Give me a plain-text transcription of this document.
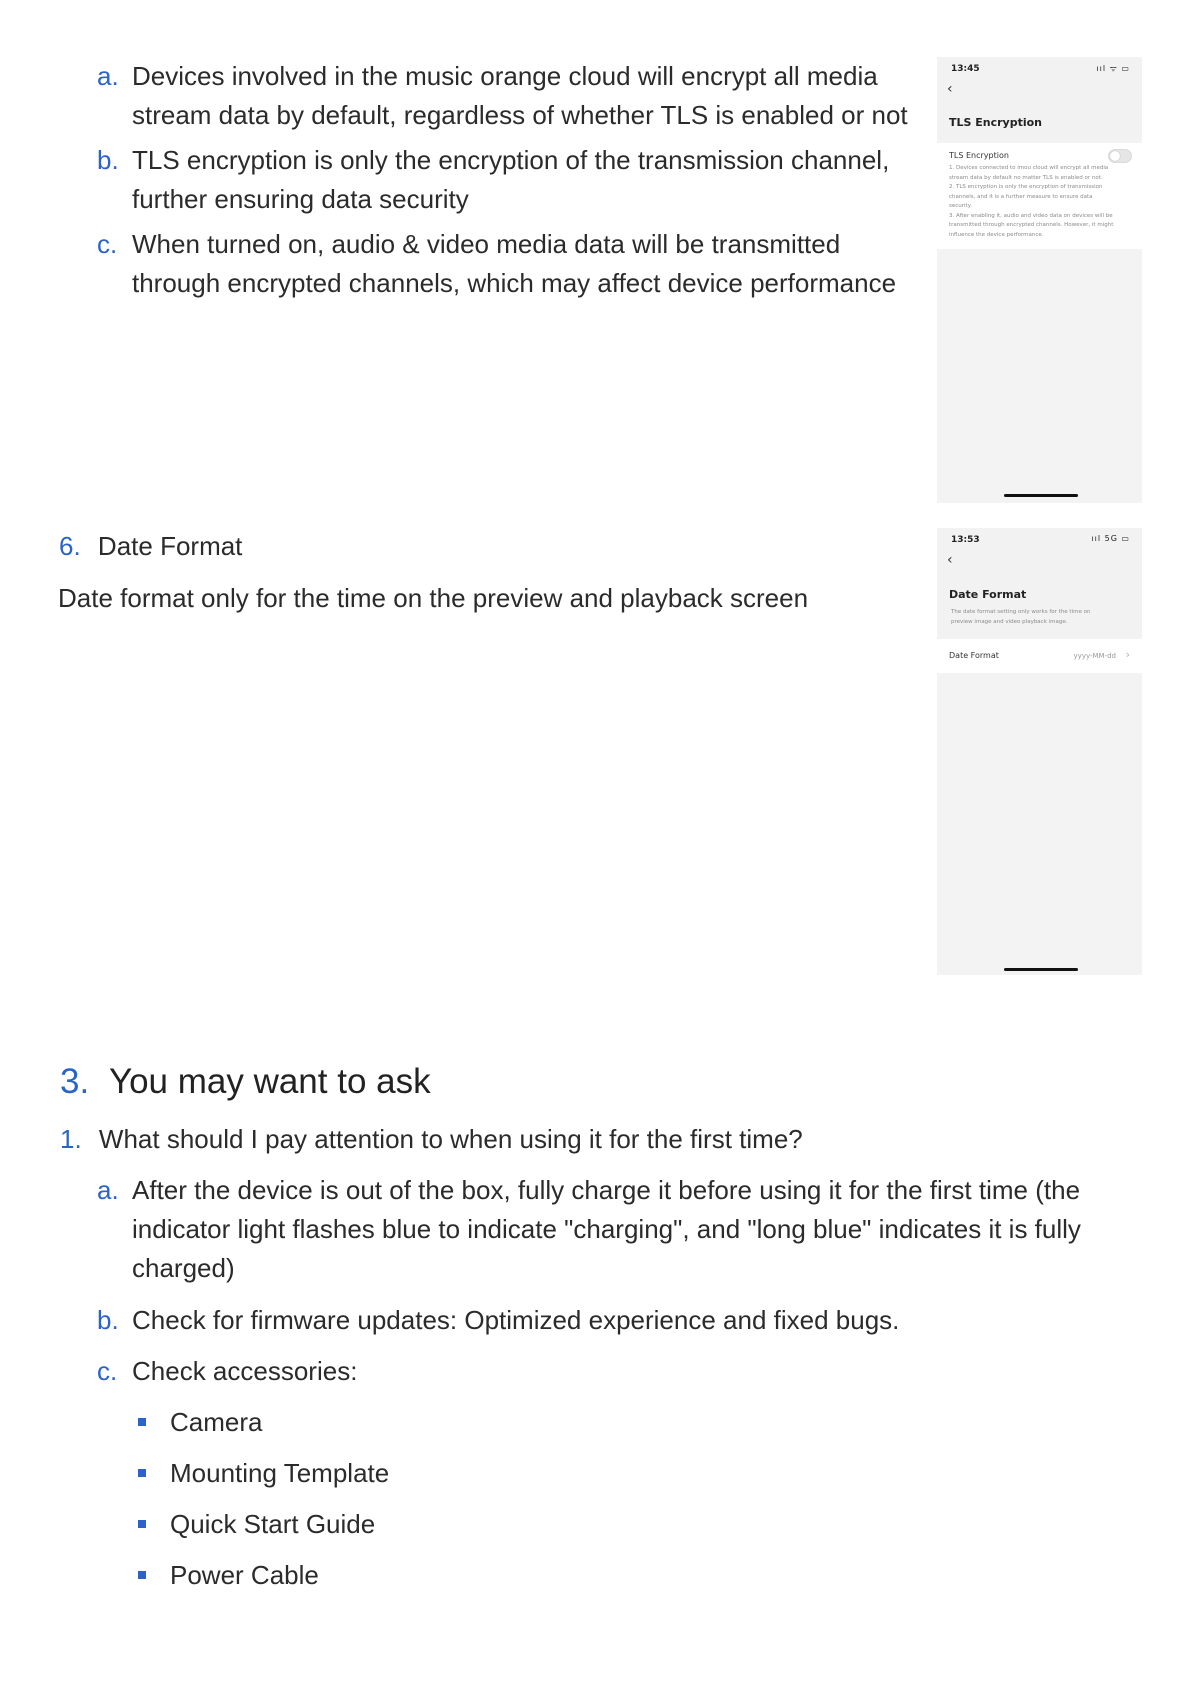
a. Devices involved in the music orange cloud will encrypt all media
stream data by default, regardless of whether TLS is enabled or not
b. TLS encryption is only the encryption of the transmission channel,
further ensuring data security
c. When turned on, audio & video media data will be transmitted
through encrypted channels, which may affect device performance
13:45	ııl ᯤ ▭
‹
TLS Encryption
TLS Encryption
1. Devices connected to imou cloud will encrypt all media
stream data by default no matter TLS is enabled or not.
2. TLS encryption is only the encryption of transmission
channels, and it is a further measure to ensure data
security.
3. After enabling it, audio and video data on devices will be
transmitted through encrypted channels. However, it might
influence the device performance.
6. Date Format
Date format only for the time on the preview and playback screen
13:53	ııl 5G ▭
‹
Date Format
The date format setting only works for the time on
preview image and video playback image.
Date Format	yyyy-MM-dd ›
3. You may want to ask
1. What should I pay attention to when using it for the first time?
a. After the device is out of the box, fully charge it before using it for the first time (the
indicator light flashes blue to indicate "charging", and "long blue" indicates it is fully
charged)
b. Check for firmware updates: Optimized experience and fixed bugs.
c. Check accessories:
Camera
Mounting Template
Quick Start Guide
Power Cable
